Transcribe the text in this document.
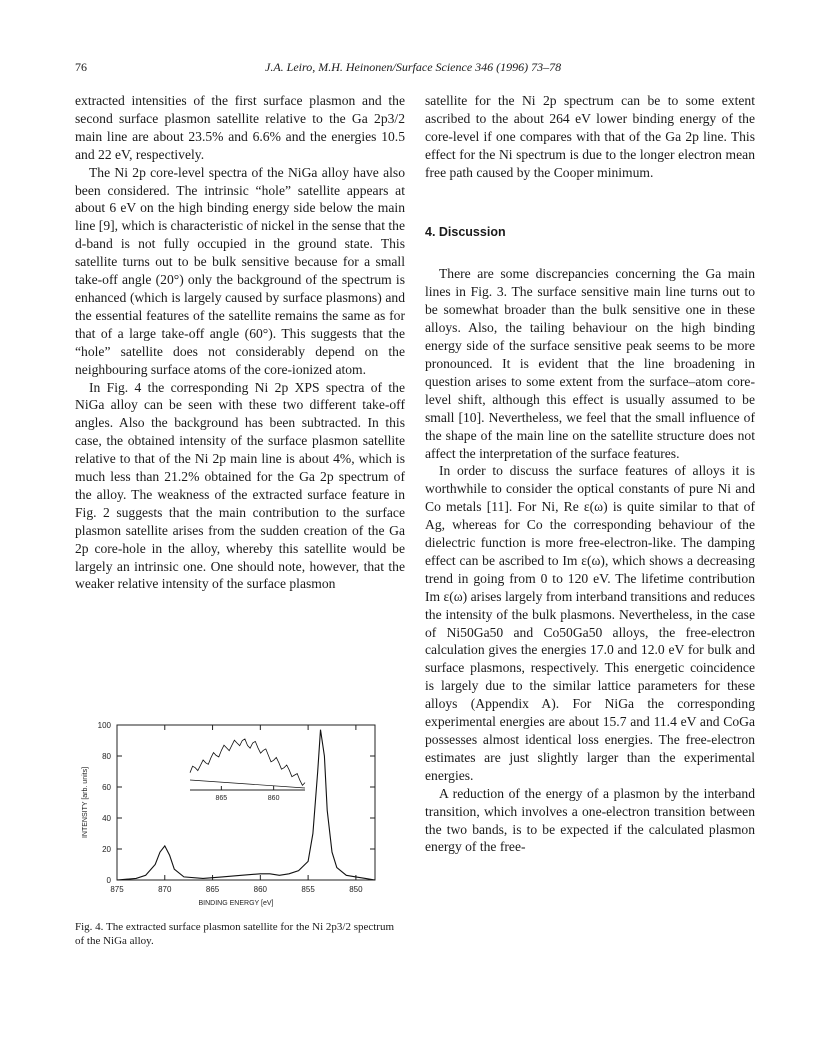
76	J.A. Leiro, M.H. Heinonen/Surface Science 346 (1996) 73–78

extracted intensities of the first surface plasmon and the second surface plasmon satellite relative to the Ga 2p3/2 main line are about 23.5% and 6.6% and the energies 10.5 and 22 eV, respectively.

The Ni 2p core-level spectra of the NiGa alloy have also been considered. The intrinsic “hole” satellite appears at about 6 eV on the high binding energy side below the main line [9], which is characteristic of nickel in the sense that the d-band is not fully occupied in the ground state. This satellite turns out to be bulk sensitive because for a small take-off angle (20°) only the background of the spectrum is enhanced (which is largely caused by surface plasmons) and the essential features of the satellite remains the same as for that of a large take-off angle (60°). This suggests that the “hole” satellite does not considerably depend on the neighbouring surface atoms of the core-ionized atom.

In Fig. 4 the corresponding Ni 2p XPS spectra of the NiGa alloy can be seen with these two different take-off angles. Also the background has been subtracted. In this case, the obtained intensity of the surface plasmon satellite relative to that of the Ni 2p main line is about 4%, which is much less than 21.2% obtained for the Ga 2p spectrum of the alloy. The weakness of the extracted surface feature in Fig. 2 suggests that the main contribution to the surface plasmon satellite arises from the sudden creation of the Ga 2p core-hole in the alloy, whereby this satellite would be largely an intrinsic one. One should note, however, that the weaker relative intensity of the surface plasmon

satellite for the Ni 2p spectrum can be to some extent ascribed to the about 264 eV lower binding energy of the core-level if one compares with that of the Ga 2p line. This effect for the Ni spectrum is due to the longer electron mean free path caused by the Cooper minimum.

4. Discussion

There are some discrepancies concerning the Ga main lines in Fig. 3. The surface sensitive main line turns out to be somewhat broader than the bulk sensitive one in these alloys. Also, the tailing behaviour on the high binding energy side of the surface sensitive peak seems to be more pronounced. It is evident that the line broadening in question arises to some extent from the surface–atom core-level shift, although this effect is usually assumed to be small [10]. Nevertheless, we feel that the small influence of the shape of the main line on the satellite structure does not affect the interpretation of the surface features.

In order to discuss the surface features of alloys it is worthwhile to consider the optical constants of pure Ni and Co metals [11]. For Ni, Re ε(ω) is quite similar to that of Ag, whereas for Co the corresponding behaviour of the dielectric function is more free-electron-like. The damping effect can be ascribed to Im ε(ω), which shows a decreasing trend in going from 0 to 120 eV. The lifetime contribution Im ε(ω) arises largely from interband transitions and reduces the intensity of the bulk plasmons. Nevertheless, in the case of Ni50Ga50 and Co50Ga50 alloys, the free-electron calculation gives the energies 17.0 and 12.0 eV for bulk and surface plasmons, respectively. This energetic coincidence is largely due to the similar lattice parameters for these alloys (Appendix A). For NiGa the corresponding experimental energies are about 15.7 and 11.4 eV and CoGa possesses almost identical loss energies. The free-electron estimates are just slightly larger than the experimental energies.

A reduction of the energy of a plasmon by the interband transition, which involves a one-electron transition between the two bands, is to be expected if the calculated plasmon energy of the free-

875	870	865	860	855	850
0
20
40
60
80
100
BINDING ENERGY [eV]
INTENSITY [arb. units]	865	860
Fig. 4. The extracted surface plasmon satellite for the Ni 2p3/2 spectrum of the NiGa alloy.
